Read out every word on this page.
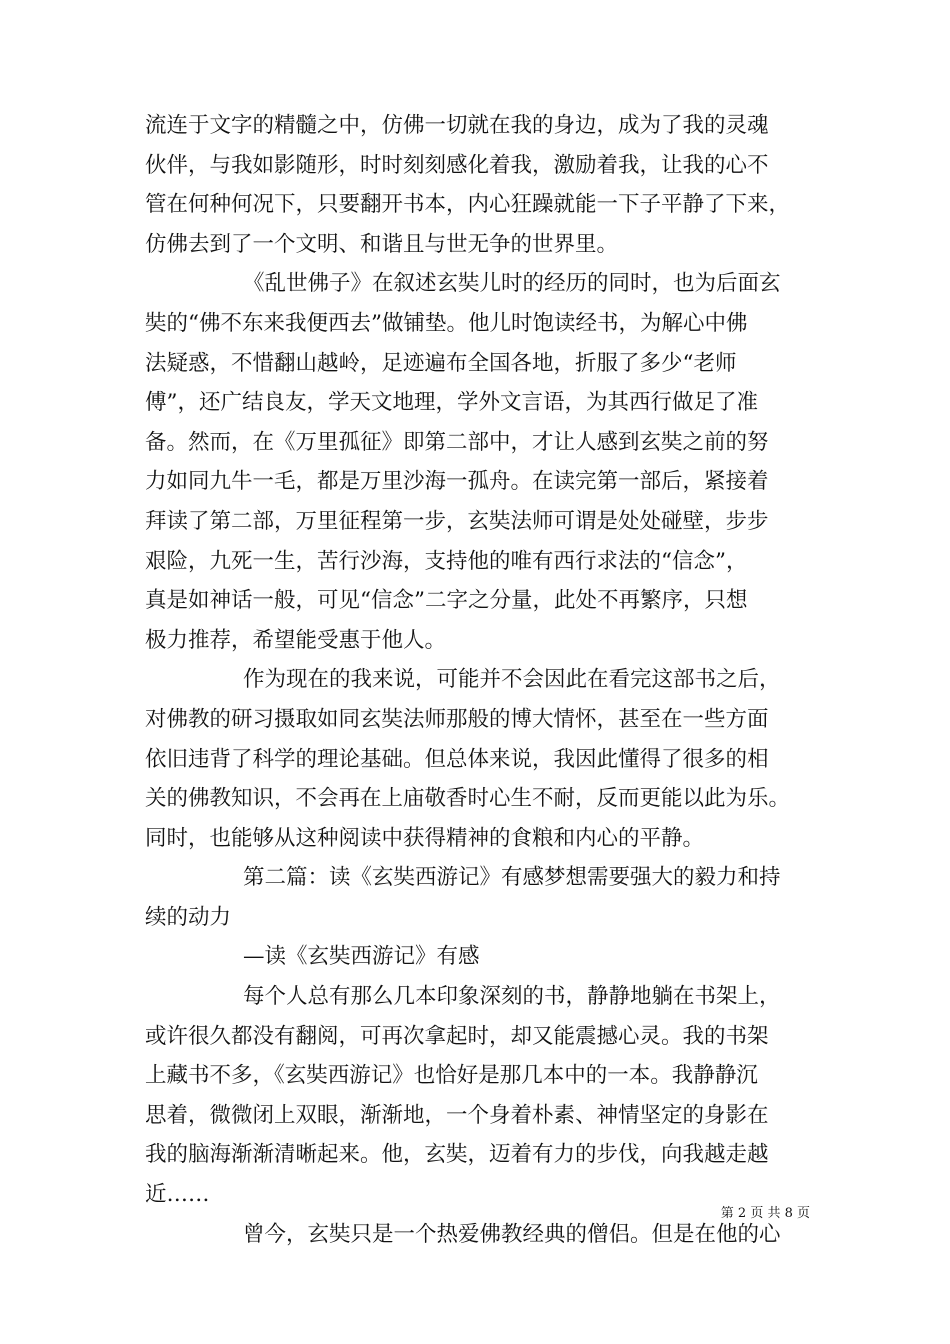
流连于文字的精髓之中，仿佛一切就在我的身边，成为了我的灵魂
伙伴，与我如影随形，时时刻刻感化着我，激励着我，让我的心不
管在何种何况下，只要翻开书本，内心狂躁就能一下子平静了下来，
仿佛去到了一个文明、和谐且与世无争的世界里。
《乱世佛子》在叙述玄奘儿时的经历的同时，也为后面玄
奘的“佛不东来我便西去”做铺垫。他儿时饱读经书，为解心中佛
法疑惑，不惜翻山越岭，足迹遍布全国各地，折服了多少“老师
傅”，还广结良友，学天文地理，学外文言语，为其西行做足了准
备。然而，在《万里孤征》即第二部中，才让人感到玄奘之前的努
力如同九牛一毛，都是万里沙海一孤舟。在读完第一部后，紧接着
拜读了第二部，万里征程第一步，玄奘法师可谓是处处碰壁，步步
艰险，九死一生，苦行沙海，支持他的唯有西行求法的“信念”，
真是如神话一般，可见“信念”二字之分量，此处不再繁序，只想
极力推荐，希望能受惠于他人。
作为现在的我来说，可能并不会因此在看完这部书之后，
对佛教的研习摄取如同玄奘法师那般的博大情怀，甚至在一些方面
依旧违背了科学的理论基础。但总体来说，我因此懂得了很多的相
关的佛教知识，不会再在上庙敬香时心生不耐，反而更能以此为乐。
同时，也能够从这种阅读中获得精神的食粮和内心的平静。
第二篇：读《玄奘西游记》有感梦想需要强大的毅力和持
续的动力
—读《玄奘西游记》有感
每个人总有那么几本印象深刻的书，静静地躺在书架上，
或许很久都没有翻阅，可再次拿起时，却又能震撼心灵。我的书架
上藏书不多，《玄奘西游记》也恰好是那几本中的一本。我静静沉
思着，微微闭上双眼，渐渐地，一个身着朴素、神情坚定的身影在
我的脑海渐渐清晰起来。他，玄奘，迈着有力的步伐，向我越走越
近……
曾今，玄奘只是一个热爱佛教经典的僧侣。但是在他的心
第 2 页 共 8 页
